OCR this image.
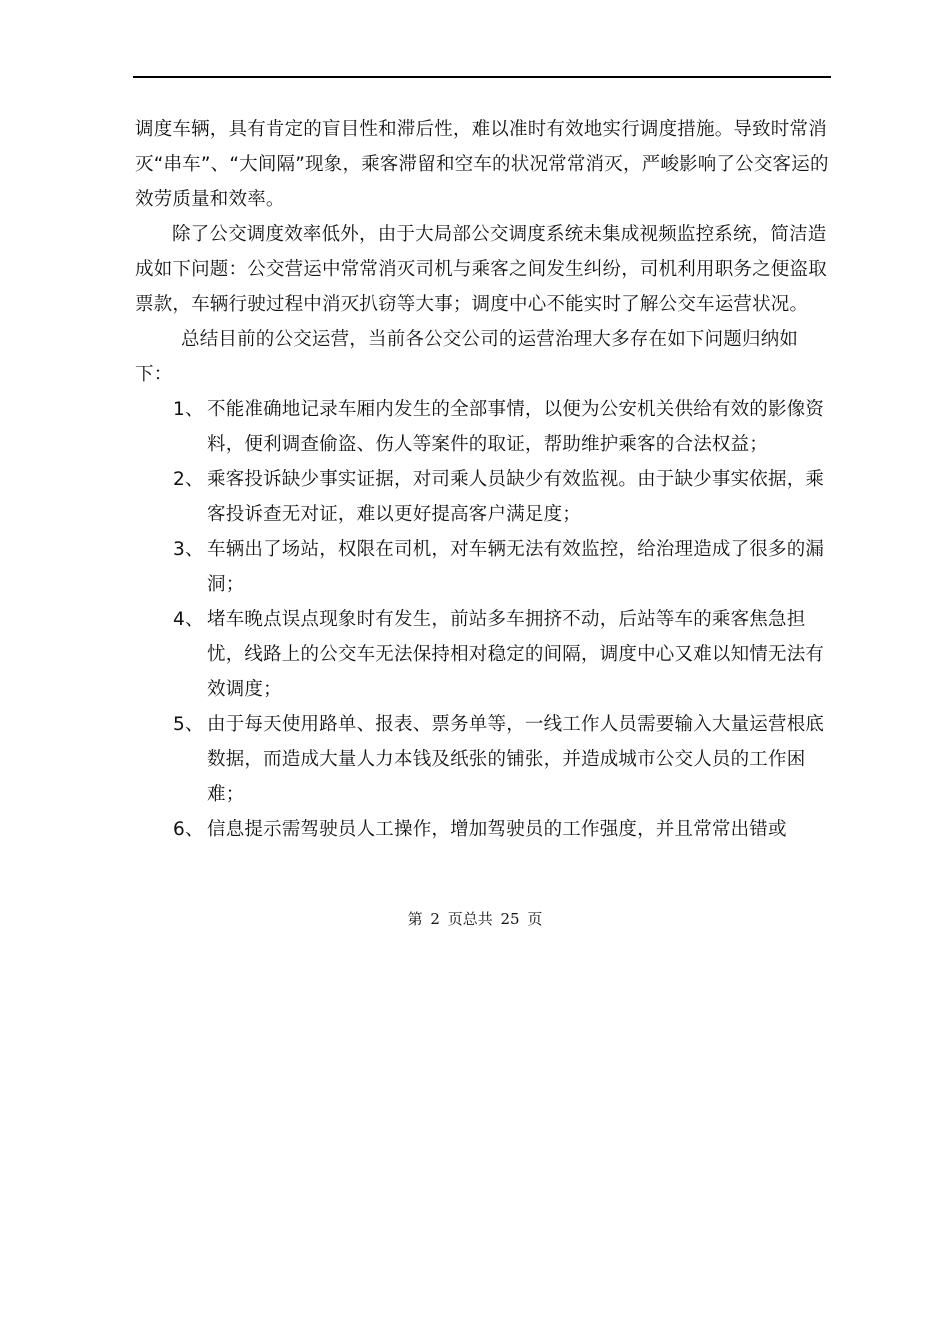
调度车辆，具有肯定的盲目性和滞后性，难以准时有效地实行调度措施。导致时常消灭“串车”、“大间隔”现象，乘客滞留和空车的状况常常消灭，严峻影响了公交客运的效劳质量和效率。

除了公交调度效率低外，由于大局部公交调度系统未集成视频监控系统，简洁造成如下问题：公交营运中常常消灭司机与乘客之间发生纠纷，司机利用职务之便盗取票款，车辆行驶过程中消灭扒窃等大事；调度中心不能实时了解公交车运营状况。

总结目前的公交运营，当前各公交公司的运营治理大多存在如下问题归纳如下：

1、 不能准确地记录车厢内发生的全部事情，以便为公安机关供给有效的影像资料，便利调查偷盗、伤人等案件的取证，帮助维护乘客的合法权益；
2、 乘客投诉缺少事实证据，对司乘人员缺少有效监视。由于缺少事实依据，乘客投诉查无对证，难以更好提高客户满足度；
3、 车辆出了场站，权限在司机，对车辆无法有效监控，给治理造成了很多的漏洞；
4、 堵车晚点误点现象时有发生，前站多车拥挤不动，后站等车的乘客焦急担忧，线路上的公交车无法保持相对稳定的间隔，调度中心又难以知情无法有效调度；
5、 由于每天使用路单、报表、票务单等，一线工作人员需要输入大量运营根底数据，而造成大量人力本钱及纸张的铺张，并造成城市公交人员的工作困难；
6、 信息提示需驾驶员人工操作，增加驾驶员的工作强度，并且常常出错或
第 2 页总共 25 页
